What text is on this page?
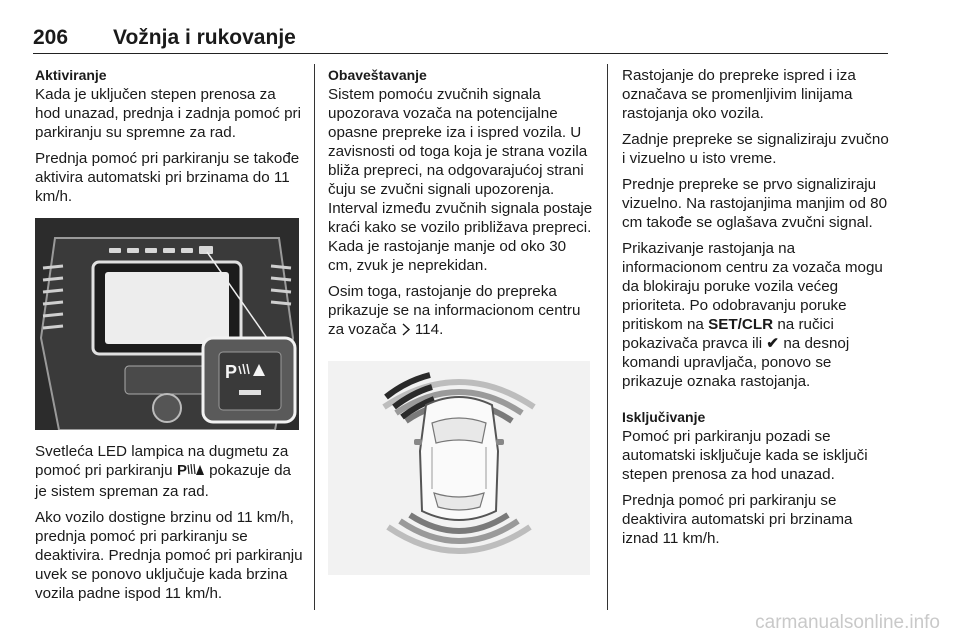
206 Vožnja i rukovanje
Aktiviranje

Kada je uključen stepen prenosa za hod unazad, prednja i zadnja pomoć pri parkiranju su spremne za rad.

Prednja pomoć pri parkiranju se takođe aktivira automatski pri brzinama do 11 km/h.

P

Svetleća LED lampica na dugmetu za pomoć pri parkiranju P pokazuje da je sistem spreman za rad.

Ako vozilo dostigne brzinu od 11 km/h, prednja pomoć pri parkiranju se deaktivira. Prednja pomoć pri parkiranju uvek se ponovo uključuje kada brzina vozila padne ispod 11 km/h.

Obaveštavanje

Sistem pomoću zvučnih signala upozorava vozača na potencijalne opasne prepreke iza i ispred vozila. U zavisnosti od toga koja je strana vozila bliža prepreci, na odgovarajućoj strani čuju se zvučni signali upozorenja. Interval između zvučnih signala postaje kraći kako se vozilo približava prepreci. Kada je rastojanje manje od oko 30 cm, zvuk je neprekidan.

Osim toga, rastojanje do prepreka prikazuje se na informacionom centru za vozača 114.

Rastojanje do prepreke ispred i iza označava se promenljivim linijama rastojanja oko vozila.

Zadnje prepreke se signaliziraju zvučno i vizuelno u isto vreme.

Prednje prepreke se prvo signaliziraju vizuelno. Na rastojanjima manjim od 80 cm takođe se oglašava zvučni signal.

Prikazivanje rastojanja na informacionom centru za vozača mogu da blokiraju poruke vozila većeg prioriteta. Po odobravanju poruke pritiskom na SET/CLR na ručici pokazivača pravca ili ✔ na desnoj komandi upravljača, ponovo se prikazuje oznaka rastojanja.

Isključivanje

Pomoć pri parkiranju pozadi se automatski isključuje kada se isključi stepen prenosa za hod unazad.

Prednja pomoć pri parkiranju se deaktivira automatski pri brzinama iznad 11 km/h.

carmanualsonline.info
